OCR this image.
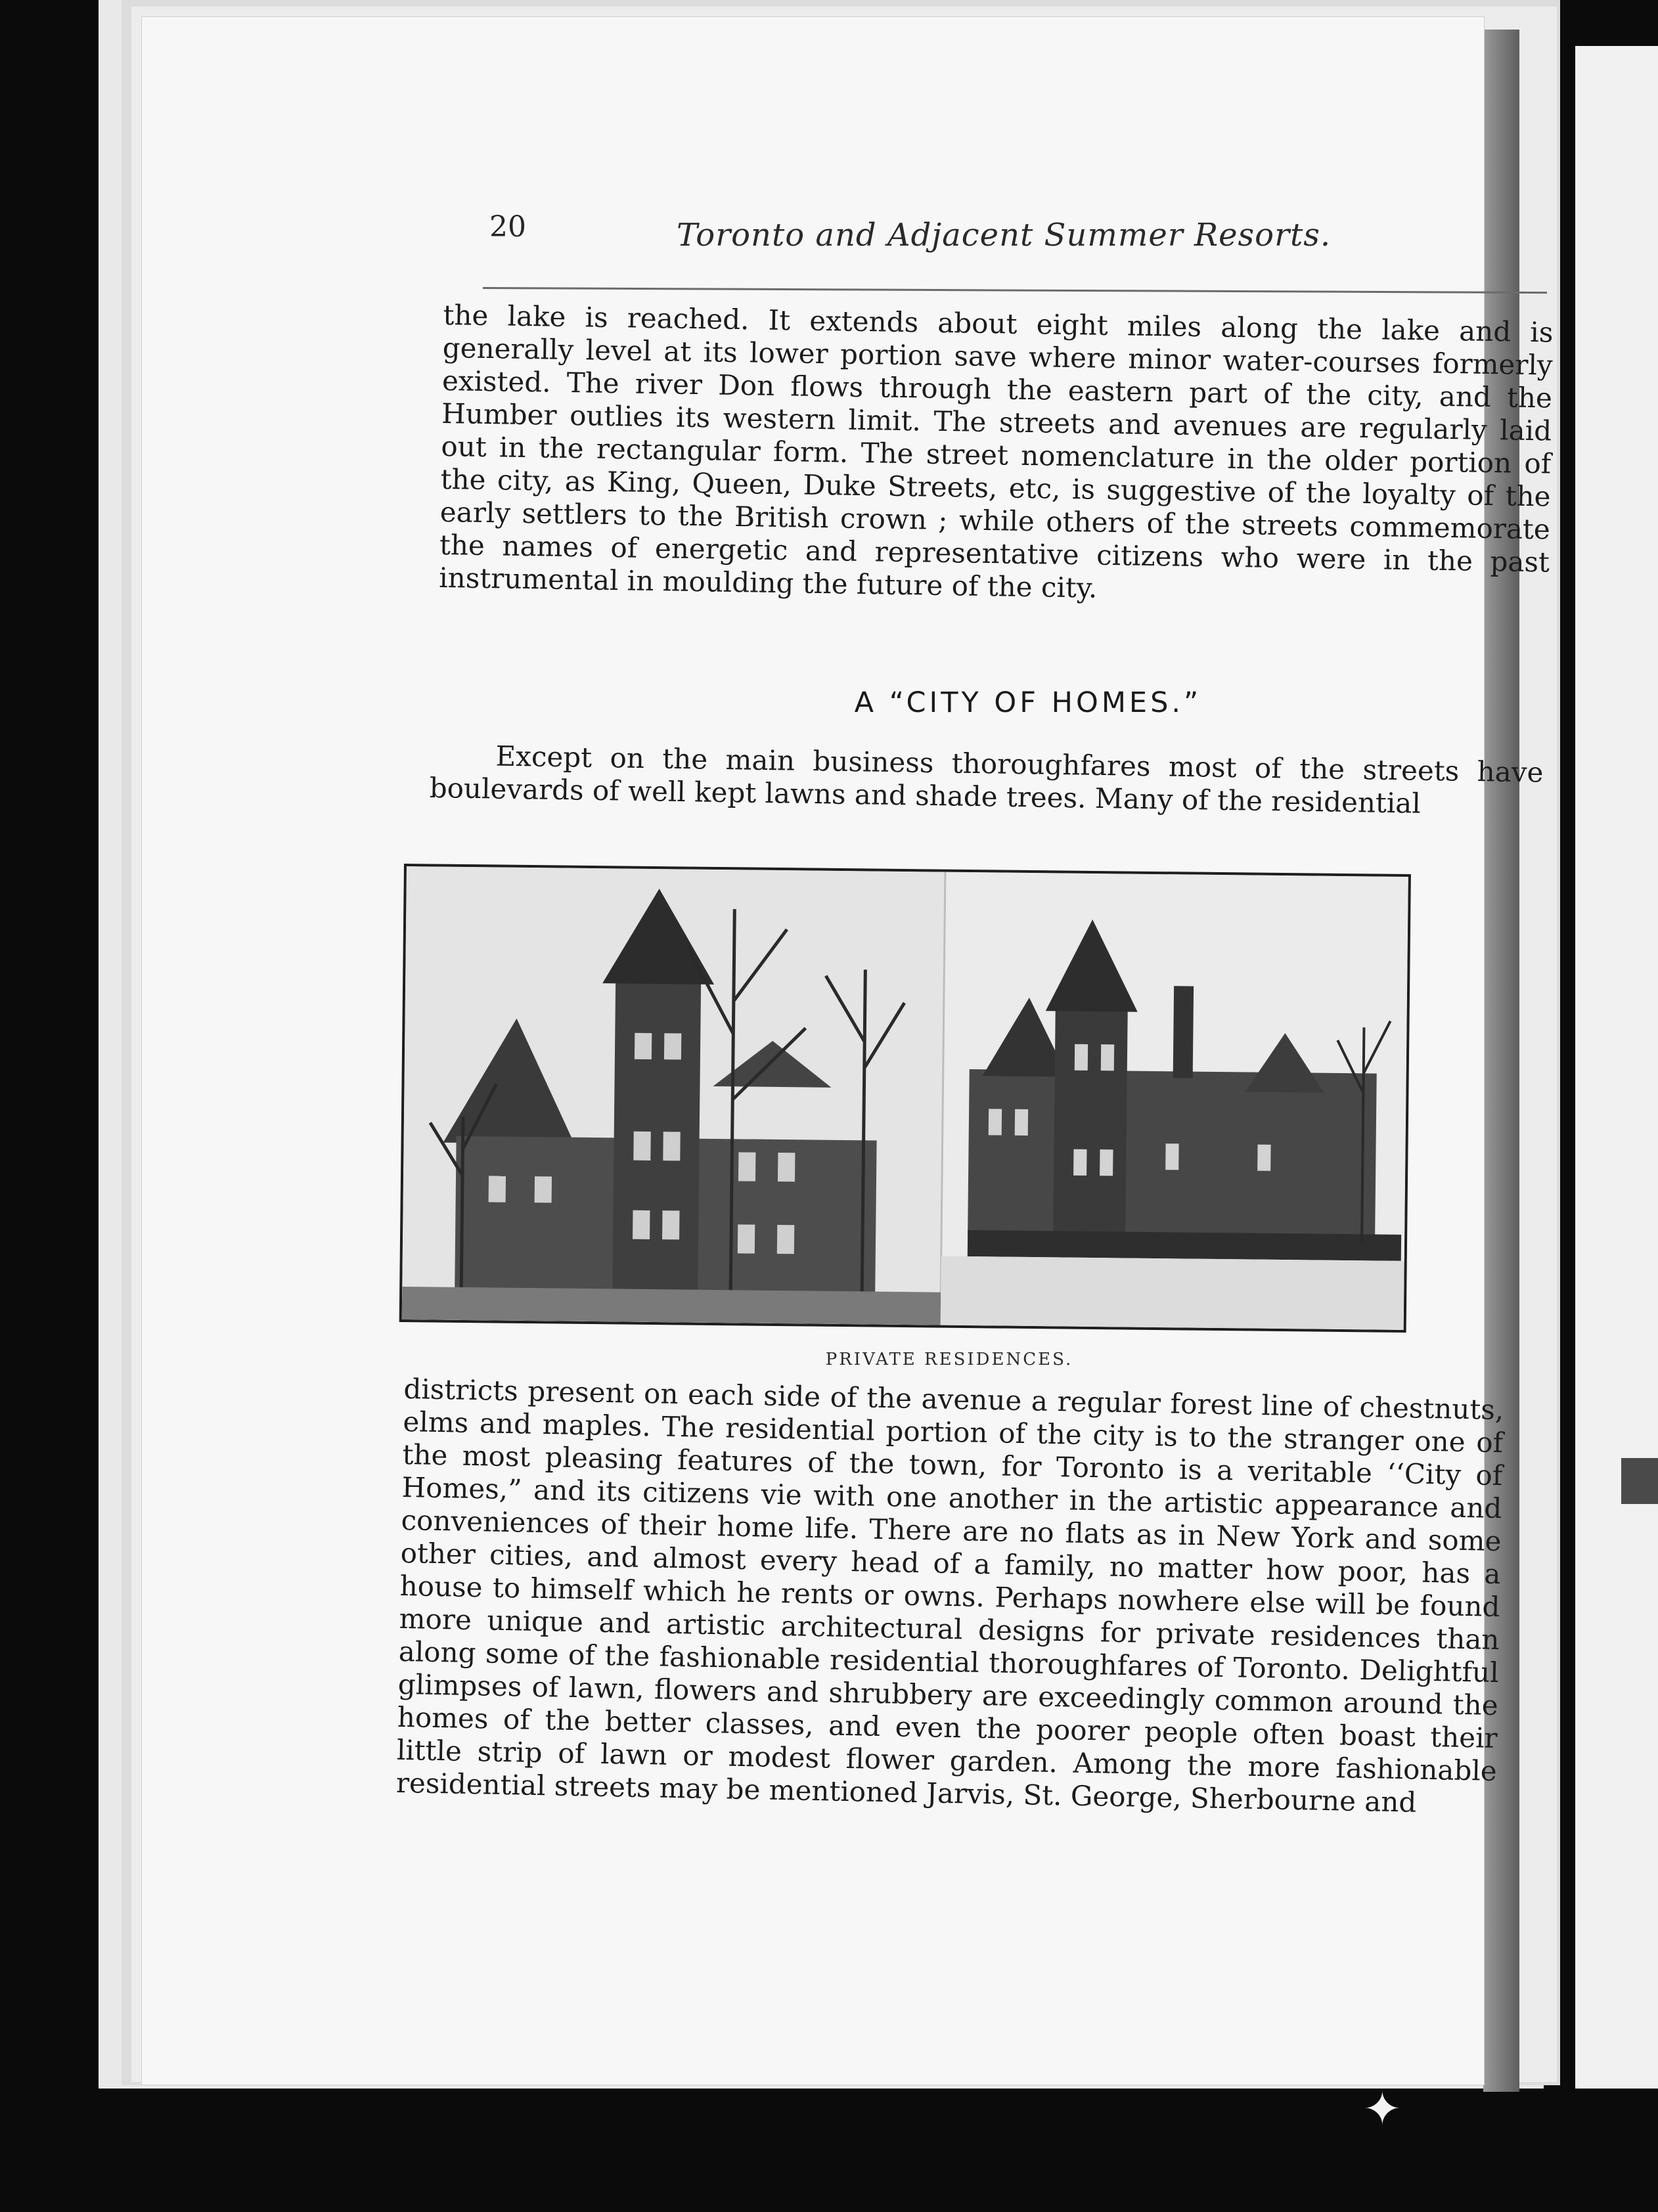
20	Toronto and Adjacent Summer Resorts.

the lake is reached. It extends about eight miles along the lake and is generally level at its lower portion save where minor water-courses formerly existed. The river Don flows through the eastern part of the city, and the Humber outlies its western limit. The streets and avenues are regularly laid out in the rectangular form. The street nomenclature in the older portion of the city, as King, Queen, Duke Streets, etc, is suggestive of the loyalty of the early settlers to the British crown ; while others of the streets commemorate the names of energetic and representative citizens who were in the past instrumental in moulding the future of the city.

A “CITY OF HOMES.”

Except on the main business thoroughfares most of the streets have boulevards of well kept lawns and shade trees. Many of the residential

PRIVATE RESIDENCES.

districts present on each side of the avenue a regular forest line of chestnuts, elms and maples. The residential portion of the city is to the stranger one of the most pleasing features of the town, for Toronto is a veritable ‘‘City of Homes,” and its citizens vie with one another in the artistic appearance and conveniences of their home life. There are no flats as in New York and some other cities, and almost every head of a family, no matter how poor, has a house to himself which he rents or owns. Perhaps nowhere else will be found more unique and artistic architectural designs for private residences than along some of the fashionable residential thoroughfares of Toronto. Delightful glimpses of lawn, flowers and shrubbery are exceedingly common around the homes of the better classes, and even the poorer people often boast their little strip of lawn or modest flower garden. Among the more fashionable residential streets may be mentioned Jarvis, St. George, Sherbourne and

✦
